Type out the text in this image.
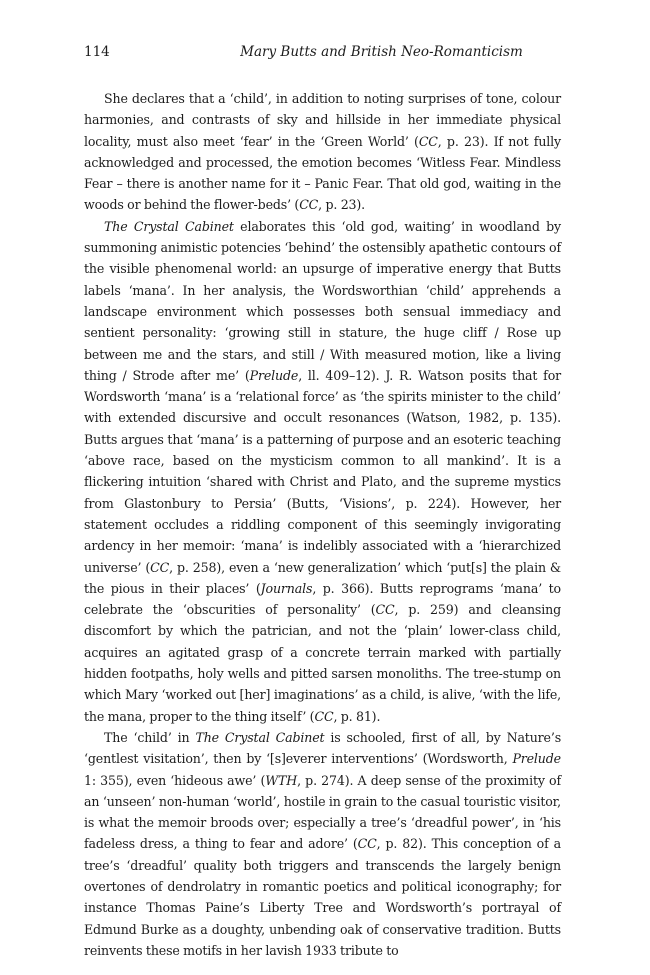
114	Mary Butts and British Neo-Romanticism

She declares that a ‘child’, in addition to noting surprises of tone, colour harmonies, and contrasts of sky and hillside in her immediate physical locality, must also meet ‘fear’ in the ‘Green World’ (CC, p. 23). If not fully acknowledged and processed, the emotion becomes ‘Witless Fear. Mindless Fear – there is another name for it – Panic Fear. That old god, waiting in the woods or behind the flower-beds’ (CC, p. 23).

The Crystal Cabinet elaborates this ‘old god, waiting’ in woodland by summoning animistic potencies ‘behind’ the ostensibly apathetic contours of the visible phenomenal world: an upsurge of imperative energy that Butts labels ‘mana’. In her analysis, the Wordsworthian ‘child’ apprehends a landscape environment which possesses both sensual immediacy and sentient personality: ‘growing still in stature, the huge cliff / Rose up between me and the stars, and still / With measured motion, like a living thing / Strode after me’ (Prelude, ll. 409–12). J. R. Watson posits that for Wordsworth ‘mana’ is a ‘relational force’ as ‘the spirits minister to the child’ with extended discursive and occult resonances (Watson, 1982, p. 135). Butts argues that ‘mana’ is a patterning of purpose and an esoteric teaching ‘above race, based on the mysticism common to all mankind’. It is a flickering intuition ‘shared with Christ and Plato, and the supreme mystics from Glastonbury to Persia’ (Butts, ‘Visions’, p. 224). However, her statement occludes a riddling component of this seemingly invigorating ardency in her memoir: ‘mana’ is indelibly associated with a ‘hierarchized universe’ (CC, p. 258), even a ‘new generalization’ which ‘put[s] the plain & the pious in their places’ (Journals, p. 366). Butts reprograms ‘mana’ to celebrate the ‘obscurities of personality’ (CC, p. 259) and cleansing discomfort by which the patrician, and not the ‘plain’ lower-class child, acquires an agitated grasp of a concrete terrain marked with partially hidden footpaths, holy wells and pitted sarsen monoliths. The tree-stump on which Mary ‘worked out [her] imaginations’ as a child, is alive, ‘with the life, the mana, proper to the thing itself’ (CC, p. 81).

The ‘child’ in The Crystal Cabinet is schooled, first of all, by Nature’s ‘gentlest visitation’, then by ‘[s]everer interventions’ (Wordsworth, Prelude 1: 355), even ‘hideous awe’ (WTH, p. 274). A deep sense of the proximity of an ‘unseen’ non-human ‘world’, hostile in grain to the casual touristic visitor, is what the memoir broods over; especially a tree’s ‘dreadful power’, in ‘his fadeless dress, a thing to fear and adore’ (CC, p. 82). This conception of a tree’s ‘dreadful’ quality both triggers and transcends the largely benign overtones of dendrolatry in romantic poetics and political iconography; for instance Thomas Paine’s Liberty Tree and Wordsworth’s portrayal of Edmund Burke as a doughty, unbending oak of conservative tradition. Butts reinvents these motifs in her lavish 1933 tribute to
